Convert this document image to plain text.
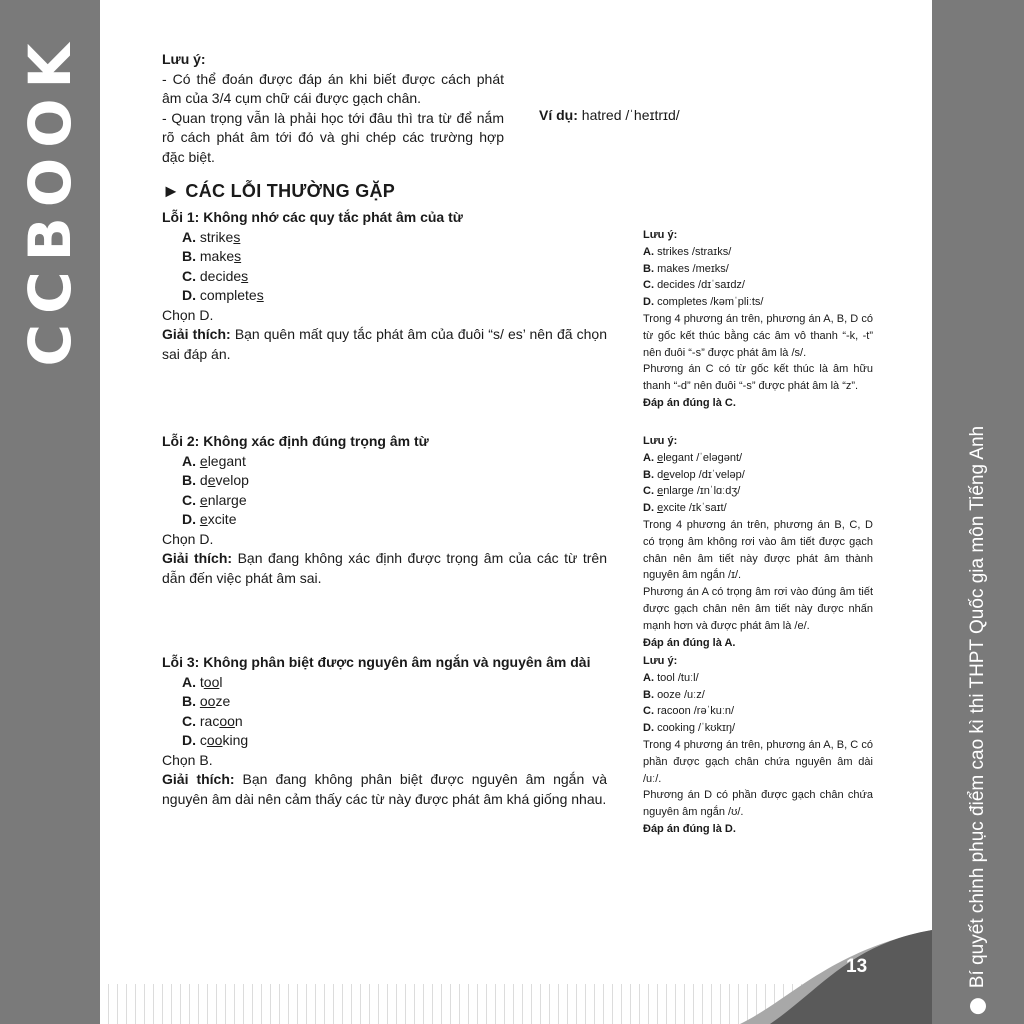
CCBOOK
Bí quyết chinh phục điểm cao kì thi THPT Quốc gia môn Tiếng Anh
13
Lưu ý:
- Có thể đoán được đáp án khi biết được cách phát âm của 3/4 cụm chữ cái được gạch chân.
- Quan trọng vẫn là phải học tới đâu thì tra từ để nắm rõ cách phát âm tới đó và ghi chép các trường hợp đặc biệt.
Ví dụ: hatred /ˈheɪtrɪd/
► CÁC LỖI THƯỜNG GẶP
Lỗi 1: Không nhớ các quy tắc phát âm của từ
A. strikes
B. makes
C. decides
D. completes
Chọn D.
Giải thích: Bạn quên mất quy tắc phát âm của đuôi “s/ es’ nên đã chọn sai đáp án.
Lưu ý:
A. strikes /straɪks/
B. makes /meɪks/
C. decides /dɪˈsaɪdz/
D. completes /kəmˈpliːts/
Trong 4 phương án trên, phương án A, B, D có từ gốc kết thúc bằng các âm vô thanh “-k, -t” nên đuôi “-s” được phát âm là /s/.
Phương án C có từ gốc kết thúc là âm hữu thanh “-d” nên đuôi “-s” được phát âm là “z”.
Đáp án đúng là C.
Lỗi 2: Không xác định đúng trọng âm từ
A. elegant
B. develop
C. enlarge
D. excite
Chọn D.
Giải thích: Bạn đang không xác định được trọng âm của các từ trên dẫn đến việc phát âm sai.
Lưu ý:
A. elegant /ˈeləgənt/
B. develop /dɪˈveləp/
C. enlarge /ɪnˈlɑːdʒ/
D. excite /ɪkˈsaɪt/
Trong 4 phương án trên, phương án B, C, D có trọng âm không rơi vào âm tiết được gạch chân nên âm tiết này được phát âm thành nguyên âm ngắn /ɪ/.
Phương án A có trọng âm rơi vào đúng âm tiết được gạch chân nên âm tiết này được nhấn mạnh hơn và được phát âm là /e/.
Đáp án đúng là A.
Lỗi 3: Không phân biệt được nguyên âm ngắn và nguyên âm dài
A. tool
B. ooze
C. racoon
D. cooking
Chọn B.
Giải thích: Bạn đang không phân biệt được nguyên âm ngắn và nguyên âm dài nên cảm thấy các từ này được phát âm khá giống nhau.
Lưu ý:
A. tool /tuːl/
B. ooze /uːz/
C. racoon /rəˈkuːn/
D. cooking /ˈkʊkɪŋ/
Trong 4 phương án trên, phương án A, B, C có phần được gạch chân chứa nguyên âm dài /uː/.
Phương án D có phần được gạch chân chứa nguyên âm ngắn /ʊ/.
Đáp án đúng là D.
